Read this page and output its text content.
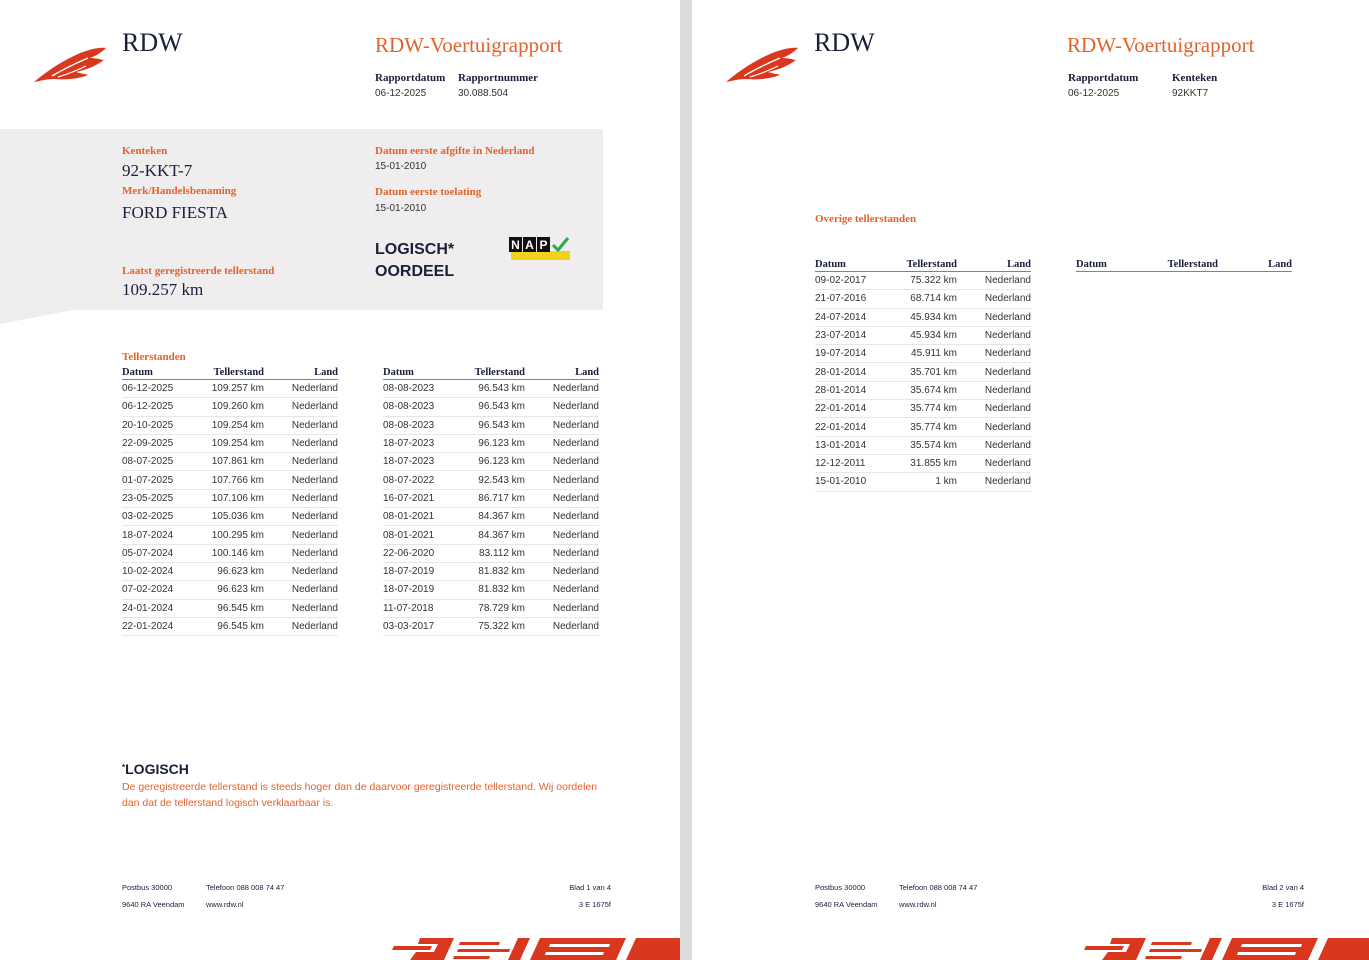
RDW	RDW-Voertuigrapport
Rapportdatum
06-12-2025
Rapportnummer
30.088.504
Kenteken
92-KKT-7
Merk/Handelsbenaming
FORD FIESTA
Datum eerste afgifte in Nederland
15-01-2010
Datum eerste toelating
15-01-2010
LOGISCH*
OORDEEL
N A P
Laatst geregistreerde tellerstand
109.257 km
Tellerstanden
Datum	Tellerstand	Land
06-12-2025	109.257 km	Nederland
06-12-2025	109.260 km	Nederland
20-10-2025	109.254 km	Nederland
22-09-2025	109.254 km	Nederland
08-07-2025	107.861 km	Nederland
01-07-2025	107.766 km	Nederland
23-05-2025	107.106 km	Nederland
03-02-2025	105.036 km	Nederland
18-07-2024	100.295 km	Nederland
05-07-2024	100.146 km	Nederland
10-02-2024	96.623 km	Nederland
07-02-2024	96.623 km	Nederland
24-01-2024	96.545 km	Nederland
22-01-2024	96.545 km	Nederland
Datum	Tellerstand	Land
08-08-2023	96.543 km	Nederland
08-08-2023	96.543 km	Nederland
08-08-2023	96.543 km	Nederland
18-07-2023	96.123 km	Nederland
18-07-2023	96.123 km	Nederland
08-07-2022	92.543 km	Nederland
16-07-2021	86.717 km	Nederland
08-01-2021	84.367 km	Nederland
08-01-2021	84.367 km	Nederland
22-06-2020	83.112 km	Nederland
18-07-2019	81.832 km	Nederland
18-07-2019	81.832 km	Nederland
11-07-2018	78.729 km	Nederland
03-03-2017	75.322 km	Nederland
*LOGISCH
De geregistreerde tellerstand is steeds hoger dan de daarvoor geregistreerde tellerstand. Wij oordelen dan dat de tellerstand logisch verklaarbaar is.
Postbus 30000
9640 RA Veendam
Telefoon 088 008 74 47
www.rdw.nl
Blad 1 van 4
3 E 1675f
RDW	RDW-Voertuigrapport
Rapportdatum
06-12-2025
Kenteken
92KKT7
Overige tellerstanden
Datum	Tellerstand	Land
09-02-2017	75.322 km	Nederland
21-07-2016	68.714 km	Nederland
24-07-2014	45.934 km	Nederland
23-07-2014	45.934 km	Nederland
19-07-2014	45.911 km	Nederland
28-01-2014	35.701 km	Nederland
28-01-2014	35.674 km	Nederland
22-01-2014	35.774 km	Nederland
22-01-2014	35.774 km	Nederland
13-01-2014	35.574 km	Nederland
12-12-2011	31.855 km	Nederland
15-01-2010	1 km	Nederland
Datum	Tellerstand	Land
Postbus 30000
9640 RA Veendam
Telefoon 088 008 74 47
www.rdw.nl
Blad 2 van 4
3 E 1675f
